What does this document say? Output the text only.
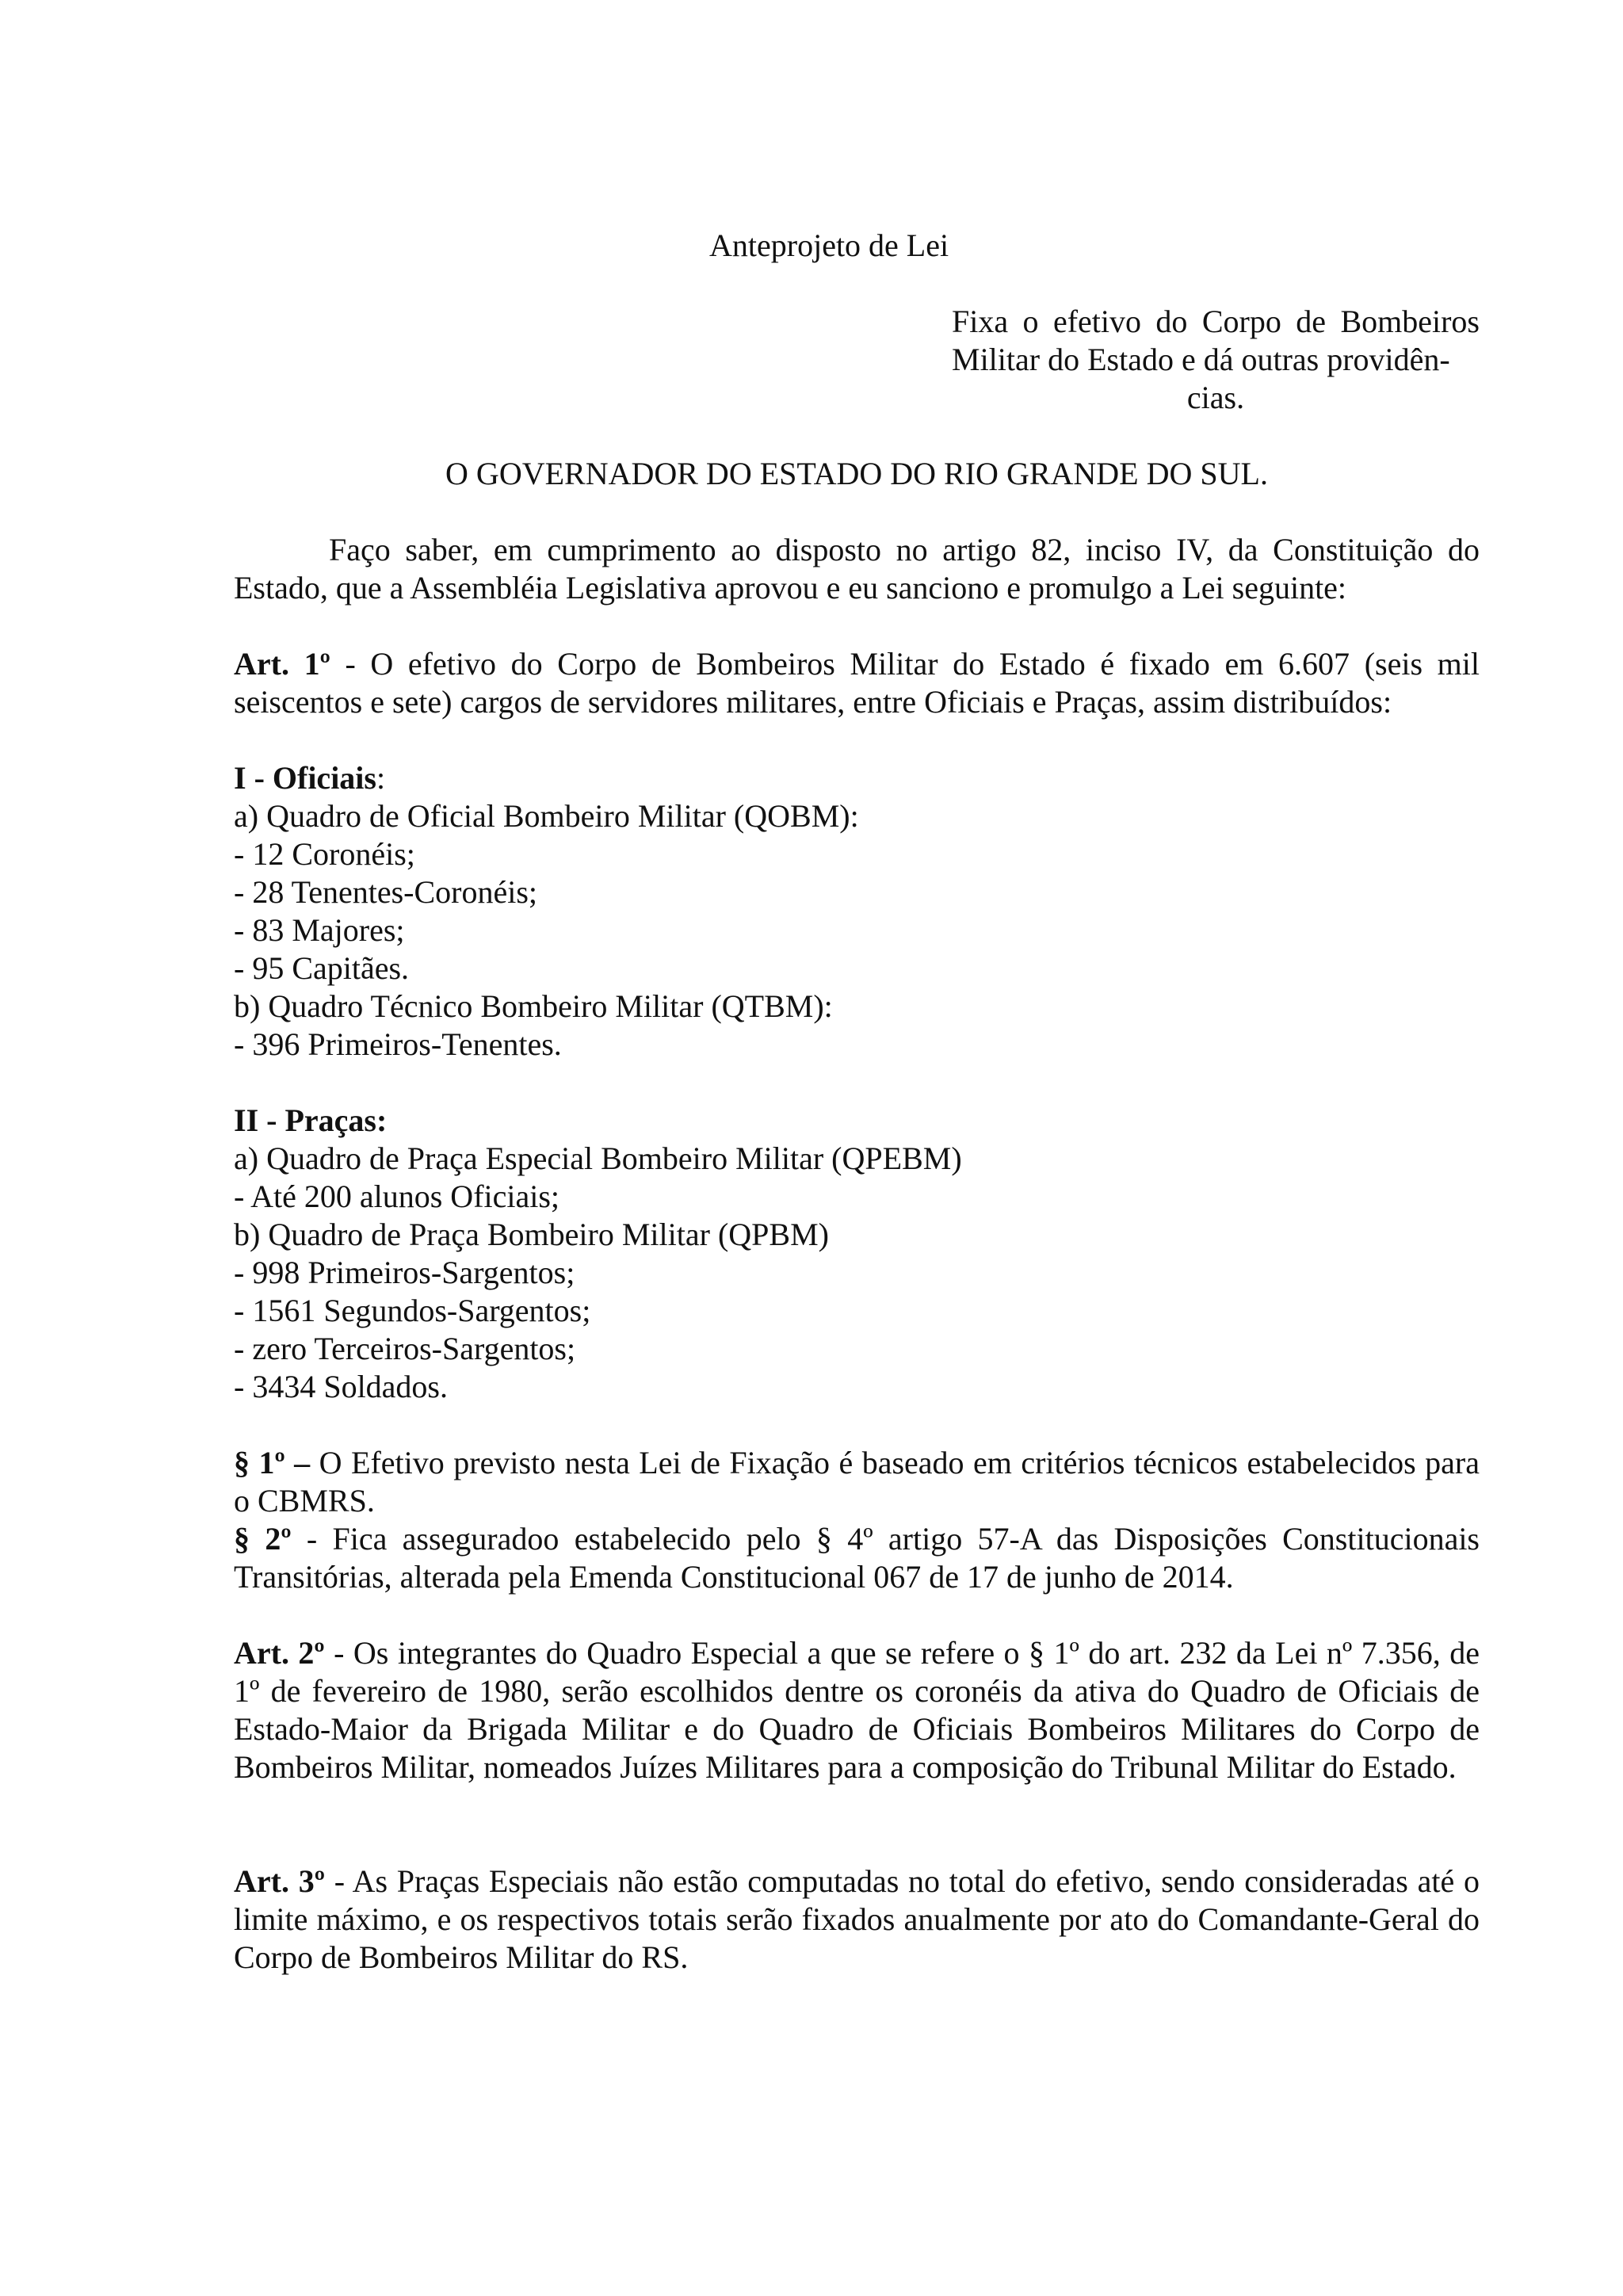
Anteprojeto de Lei

Fixa o efetivo do Corpo de Bombeiros Militar do Estado e dá outras providên-

cias.

O GOVERNADOR DO ESTADO DO RIO GRANDE DO SUL.

Faço saber, em cumprimento ao disposto no artigo 82, inciso IV, da Constituição do Estado, que a Assembléia Legislativa aprovou e eu sanciono e promulgo a Lei seguinte:

Art. 1º - O efetivo do Corpo de Bombeiros Militar do Estado é fixado em 6.607 (seis mil seiscentos e sete) cargos de servidores militares, entre Oficiais e Praças, assim distribuídos:

I - Oficiais:

a) Quadro de Oficial Bombeiro Militar (QOBM):

- 12 Coronéis;

- 28 Tenentes-Coronéis;

- 83 Majores;

- 95 Capitães.

b) Quadro Técnico Bombeiro Militar (QTBM):

- 396 Primeiros-Tenentes.

II - Praças:

a) Quadro de Praça Especial Bombeiro Militar (QPEBM)

- Até 200 alunos Oficiais;

b) Quadro de Praça Bombeiro Militar (QPBM)

- 998 Primeiros-Sargentos;

- 1561 Segundos-Sargentos;

- zero Terceiros-Sargentos;

- 3434 Soldados.

§ 1º – O Efetivo previsto nesta Lei de Fixação é baseado em critérios técnicos estabelecidos para o CBMRS.

§ 2º - Fica asseguradoo estabelecido pelo § 4º artigo 57-A das Disposições Constitucionais Transitórias, alterada pela Emenda Constitucional 067 de 17 de junho de 2014.

Art. 2º - Os integrantes do Quadro Especial a que se refere o § 1º do art. 232 da Lei nº 7.356, de 1º de fevereiro de 1980, serão escolhidos dentre os coronéis da ativa do Quadro de Oficiais de Estado-Maior da Brigada Militar e do Quadro de Oficiais Bombeiros Militares do Corpo de Bombeiros Militar, nomeados Juízes Militares para a composição do Tribunal Militar do Estado.

Art. 3º - As Praças Especiais não estão computadas no total do efetivo, sendo consideradas até o limite máximo, e os respectivos totais serão fixados anualmente por ato do Comandante-Geral do Corpo de Bombeiros Militar do RS.
